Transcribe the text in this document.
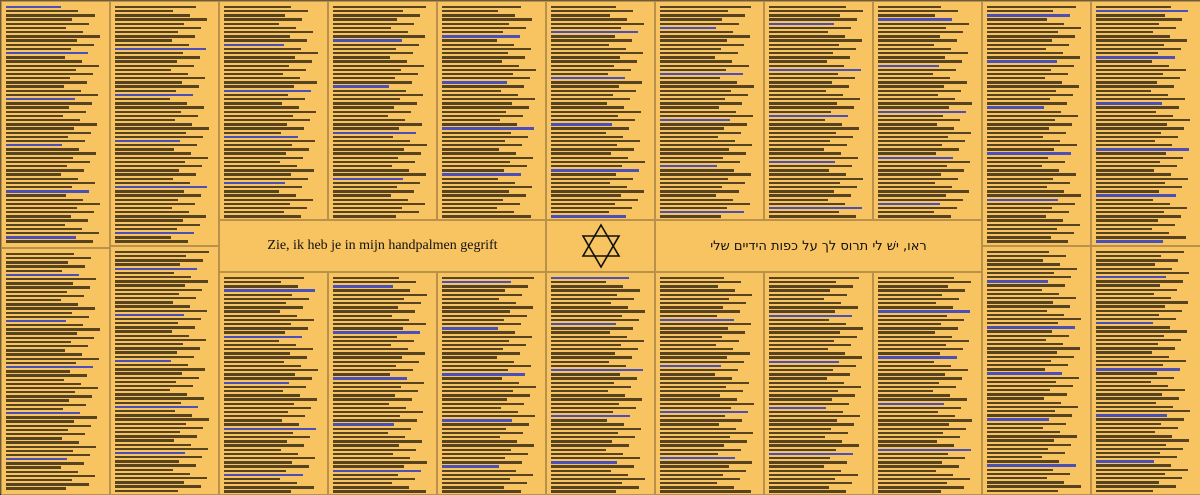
Zie, ik heb je in mijn handpalmen gegrift	ראו, ישׁ לי תרוס לך על כפות הידיים שלי
